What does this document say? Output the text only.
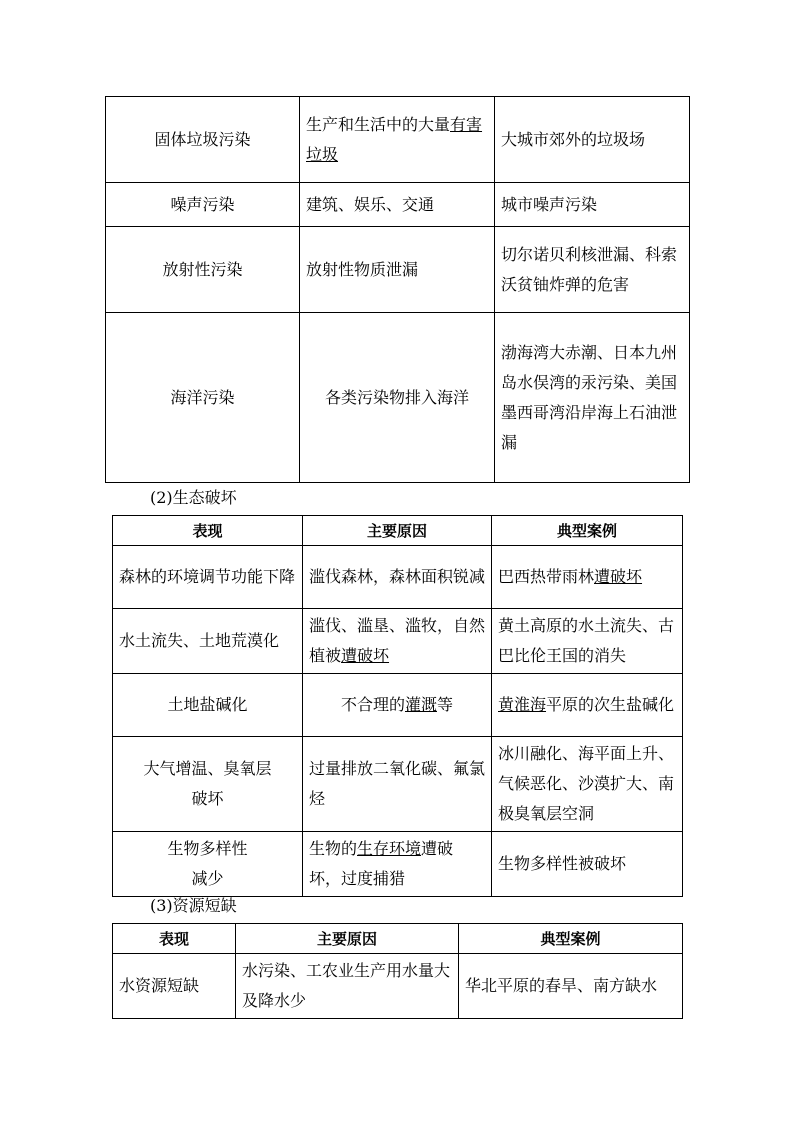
固体垃圾污染	生产和生活中的大量有害垃圾	大城市郊外的垃圾场
噪声污染	建筑、娱乐、交通	城市噪声污染
放射性污染	放射性物质泄漏	切尔诺贝利核泄漏、科索沃贫铀炸弹的危害
海洋污染	各类污染物排入海洋	渤海湾大赤潮、日本九州岛水俣湾的汞污染、美国墨西哥湾沿岸海上石油泄漏
(2)生态破坏
表现	主要原因	典型案例
森林的环境调节功能下降	滥伐森林，森林面积锐减	巴西热带雨林遭破坏
水土流失、土地荒漠化	滥伐、滥垦、滥牧，自然植被遭破坏	黄土高原的水土流失、古巴比伦王国的消失
土地盐碱化	不合理的灌溉等	黄淮海平原的次生盐碱化
大气增温、臭氧层破坏	过量排放二氧化碳、氟氯烃	冰川融化、海平面上升、气候恶化、沙漠扩大、南极臭氧层空洞
生物多样性减少	生物的生存环境遭破坏，过度捕猎	生物多样性被破坏
(3)资源短缺
表现	主要原因	典型案例
水资源短缺	水污染、工农业生产用水量大及降水少	华北平原的春旱、南方缺水
